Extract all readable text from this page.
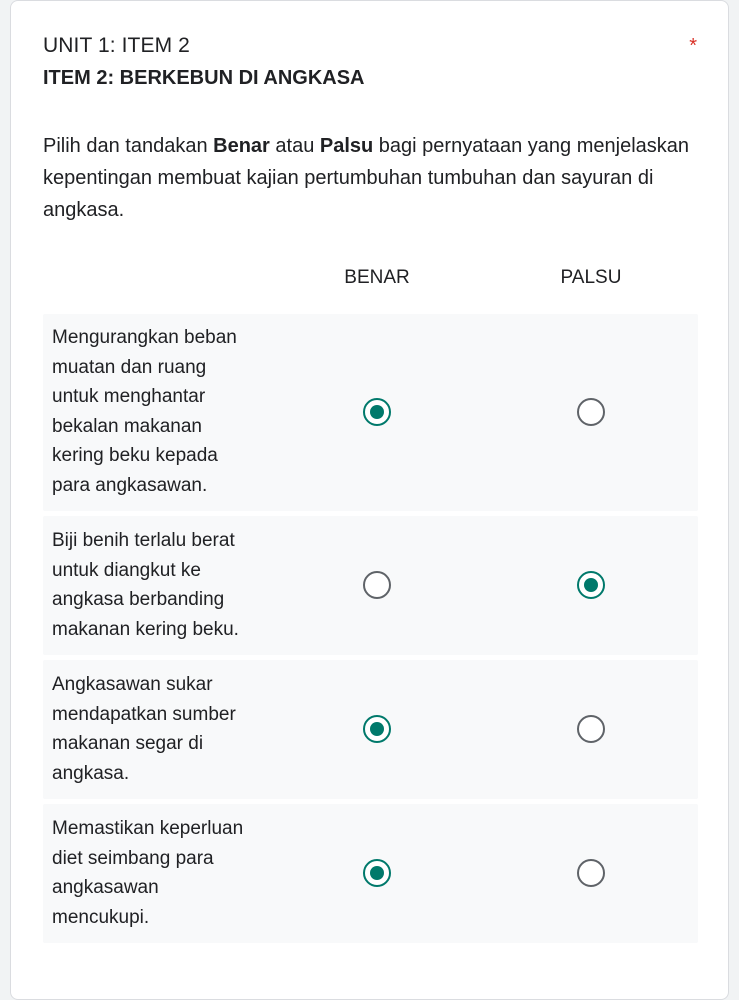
UNIT 1: ITEM 2	*
ITEM 2: BERKEBUN DI ANGKASA
Pilih dan tandakan Benar atau Palsu bagi pernyataan yang menjelaskan kepentingan membuat kajian pertumbuhan tumbuhan dan sayuran di angkasa.
BENAR	PALSU
Mengurangkan beban muatan dan ruang untuk menghantar bekalan makanan kering beku kepada para angkasawan.
Biji benih terlalu berat untuk diangkut ke angkasa berbanding makanan kering beku.
Angkasawan sukar mendapatkan sumber makanan segar di angkasa.
Memastikan keperluan diet seimbang para angkasawan mencukupi.
